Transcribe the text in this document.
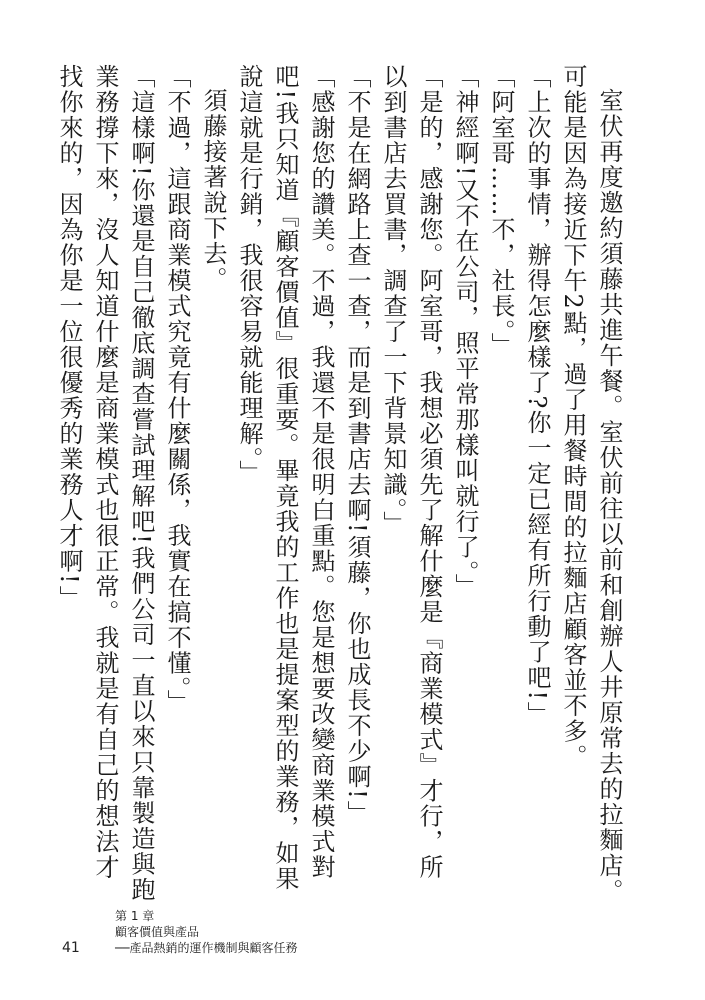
室伏再度邀約須藤共進午餐。室伏前往以前和創辦人井原常去的拉麵店。可能是因為接近下午2點，過了用餐時間的拉麵店顧客並不多。

「上次的事情，辦得怎麼樣了?你一定已經有所行動了吧!」

「阿室哥……不，社長。」

「神經啊!又不在公司，照平常那樣叫就行了。」

「是的，感謝您。阿室哥，我想必須先了解什麼是『商業模式』才行，所以到書店去買書，調查了一下背景知識。」

「不是在網路上查一查，而是到書店去啊!須藤，你也成長不少啊!」

「感謝您的讚美。不過，我還不是很明白重點。您是想要改變商業模式對吧!我只知道『顧客價值』很重要。畢竟我的工作也是提案型的業務，如果說這就是行銷，我很容易就能理解。」

須藤接著說下去。

「不過，這跟商業模式究竟有什麼關係，我實在搞不懂。」

「這樣啊!你還是自己徹底調查嘗試理解吧!我們公司一直以來只靠製造與跑業務撐下來，沒人知道什麼是商業模式也很正常。我就是有自己的想法才找你來的，因為你是一位很優秀的業務人才啊!」

第 1 章
顧客價值與產品
──產品熱銷的運作機制與顧客任務
41
